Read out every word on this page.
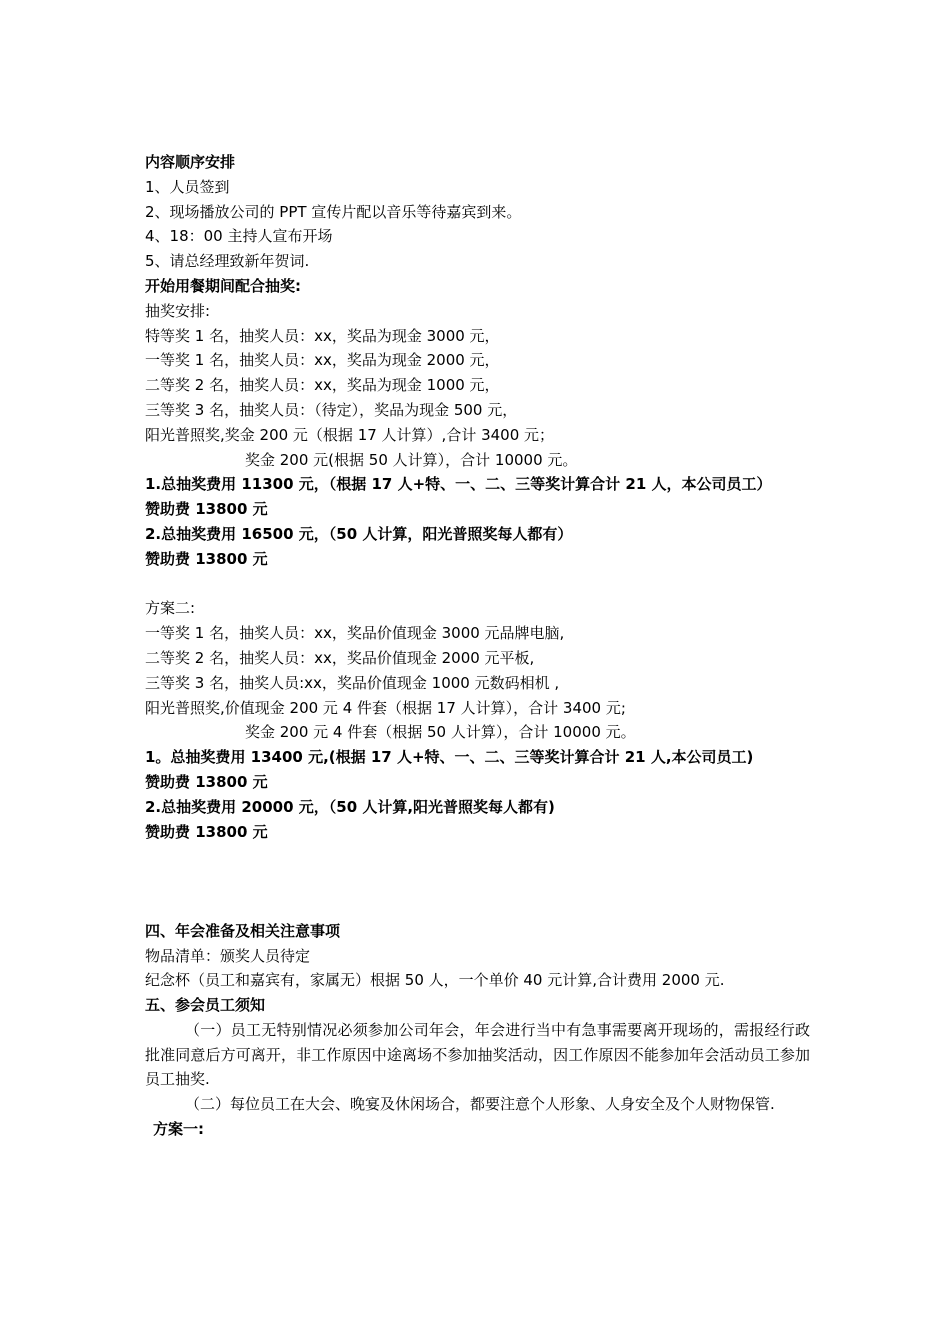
内容顺序安排
1、人员签到
2、现场播放公司的 PPT 宣传片配以音乐等待嘉宾到来。
4、18：00 主持人宣布开场
5、请总经理致新年贺词.
开始用餐期间配合抽奖:
抽奖安排:
特等奖 1 名，抽奖人员：xx，奖品为现金 3000 元，
一等奖 1 名，抽奖人员：xx，奖品为现金 2000 元，
二等奖 2 名，抽奖人员：xx，奖品为现金 1000 元，
三等奖 3 名，抽奖人员：（待定），奖品为现金 500 元，
阳光普照奖,奖金 200 元（根据 17 人计算）,合计 3400 元；
奖金 200 元(根据 50 人计算），合计 10000 元。
1.总抽奖费用 11300 元，（根据 17 人+特、一、二、三等奖计算合计 21 人，本公司员工）
赞助费 13800 元
2.总抽奖费用 16500 元，（50 人计算，阳光普照奖每人都有）
赞助费 13800 元
方案二:
一等奖 1 名，抽奖人员：xx，奖品价值现金 3000 元品牌电脑,
二等奖 2 名，抽奖人员：xx，奖品价值现金 2000 元平板,
三等奖 3 名，抽奖人员:xx，奖品价值现金 1000 元数码相机 ,
阳光普照奖,价值现金 200 元 4 件套（根据 17 人计算），合计 3400 元;
奖金 200 元 4 件套（根据 50 人计算），合计 10000 元。
1。总抽奖费用 13400 元,(根据 17 人+特、一、二、三等奖计算合计 21 人,本公司员工)
赞助费 13800 元
2.总抽奖费用 20000 元，（50 人计算,阳光普照奖每人都有)
赞助费 13800 元
四、年会准备及相关注意事项
物品清单：颁奖人员待定
纪念杯（员工和嘉宾有，家属无）根据 50 人，一个单价 40 元计算,合计费用 2000 元.
五、参会员工须知
（一）员工无特别情况必须参加公司年会，年会进行当中有急事需要离开现场的，需报经行政批准同意后方可离开，非工作原因中途离场不参加抽奖活动，因工作原因不能参加年会活动员工参加员工抽奖.
（二）每位员工在大会、晚宴及休闲场合，都要注意个人形象、人身安全及个人财物保管.
方案一:
